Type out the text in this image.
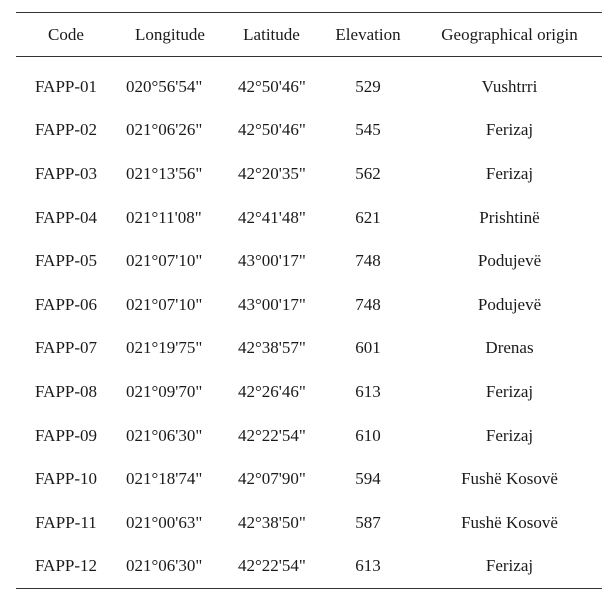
Code	Longitude	Latitude	Elevation	Geographical origin
FAPP-01	020°56'54"	42°50'46"	529	Vushtrri
FAPP-02	021°06'26"	42°50'46"	545	Ferizaj
FAPP-03	021°13'56"	42°20'35"	562	Ferizaj
FAPP-04	021°11'08"	42°41'48"	621	Prishtinë
FAPP-05	021°07'10"	43°00'17"	748	Podujevë
FAPP-06	021°07'10"	43°00'17"	748	Podujevë
FAPP-07	021°19'75"	42°38'57"	601	Drenas
FAPP-08	021°09'70"	42°26'46"	613	Ferizaj
FAPP-09	021°06'30"	42°22'54"	610	Ferizaj
FAPP-10	021°18'74"	42°07'90"	594	Fushë Kosovë
FAPP-11	021°00'63"	42°38'50"	587	Fushë Kosovë
FAPP-12	021°06'30"	42°22'54"	613	Ferizaj
